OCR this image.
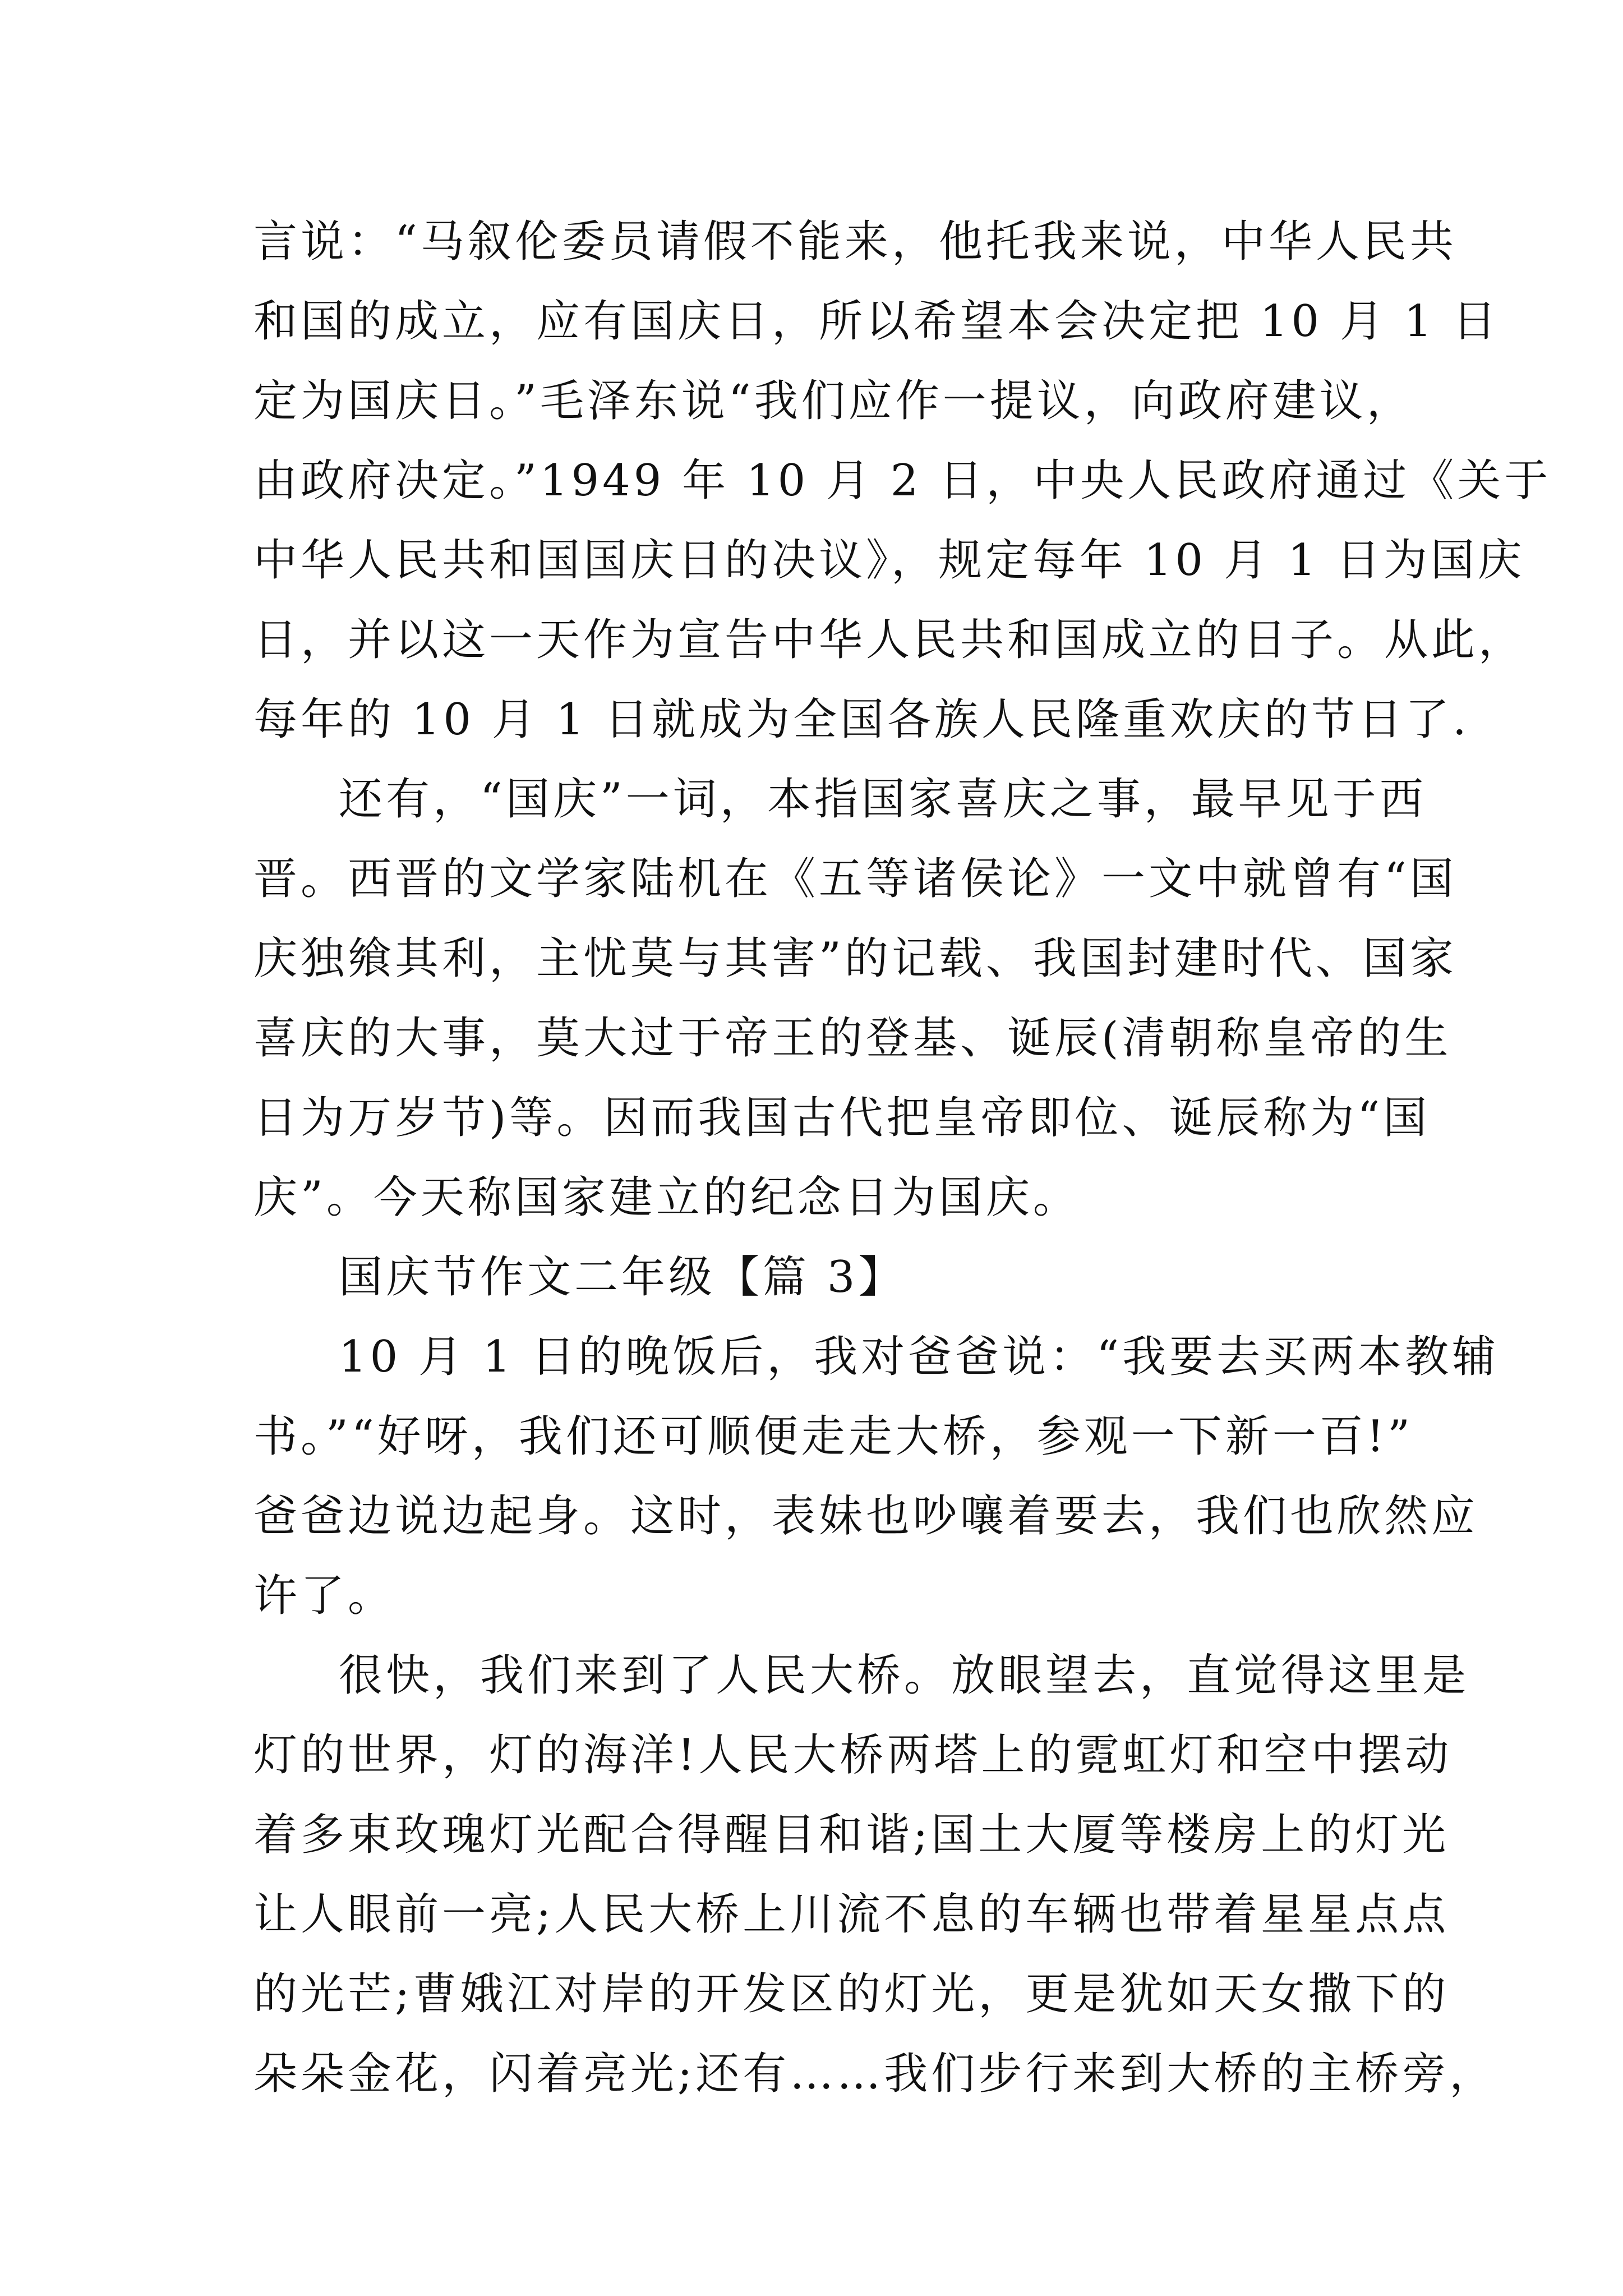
言说：“马叙伦委员请假不能来，他托我来说，中华人民共
和国的成立，应有国庆日，所以希望本会决定把 10 月 1 日
定为国庆日。”毛泽东说“我们应作一提议，向政府建议，
由政府决定。”1949 年 10 月 2 日，中央人民政府通过《关于
中华人民共和国国庆日的决议》，规定每年 10 月 1 日为国庆
日，并以这一天作为宣告中华人民共和国成立的日子。从此，
每年的 10 月 1 日就成为全国各族人民隆重欢庆的节日了.
还有，“国庆”一词，本指国家喜庆之事，最早见于西
晋。西晋的文学家陆机在《五等诸侯论》一文中就曾有“国
庆独飨其利，主忧莫与其害”的记载、我国封建时代、国家
喜庆的大事，莫大过于帝王的登基、诞辰(清朝称皇帝的生
日为万岁节)等。因而我国古代把皇帝即位、诞辰称为“国
庆”。今天称国家建立的纪念日为国庆。
国庆节作文二年级【篇 3】
10 月 1 日的晚饭后，我对爸爸说：“我要去买两本教辅
书。”“好呀，我们还可顺便走走大桥，参观一下新一百!”
爸爸边说边起身。这时，表妹也吵嚷着要去，我们也欣然应
许了。
很快，我们来到了人民大桥。放眼望去，直觉得这里是
灯的世界，灯的海洋!人民大桥两塔上的霓虹灯和空中摆动
着多束玫瑰灯光配合得醒目和谐;国土大厦等楼房上的灯光
让人眼前一亮;人民大桥上川流不息的车辆也带着星星点点
的光芒;曹娥江对岸的开发区的灯光，更是犹如天女撒下的
朵朵金花，闪着亮光;还有……我们步行来到大桥的主桥旁，
